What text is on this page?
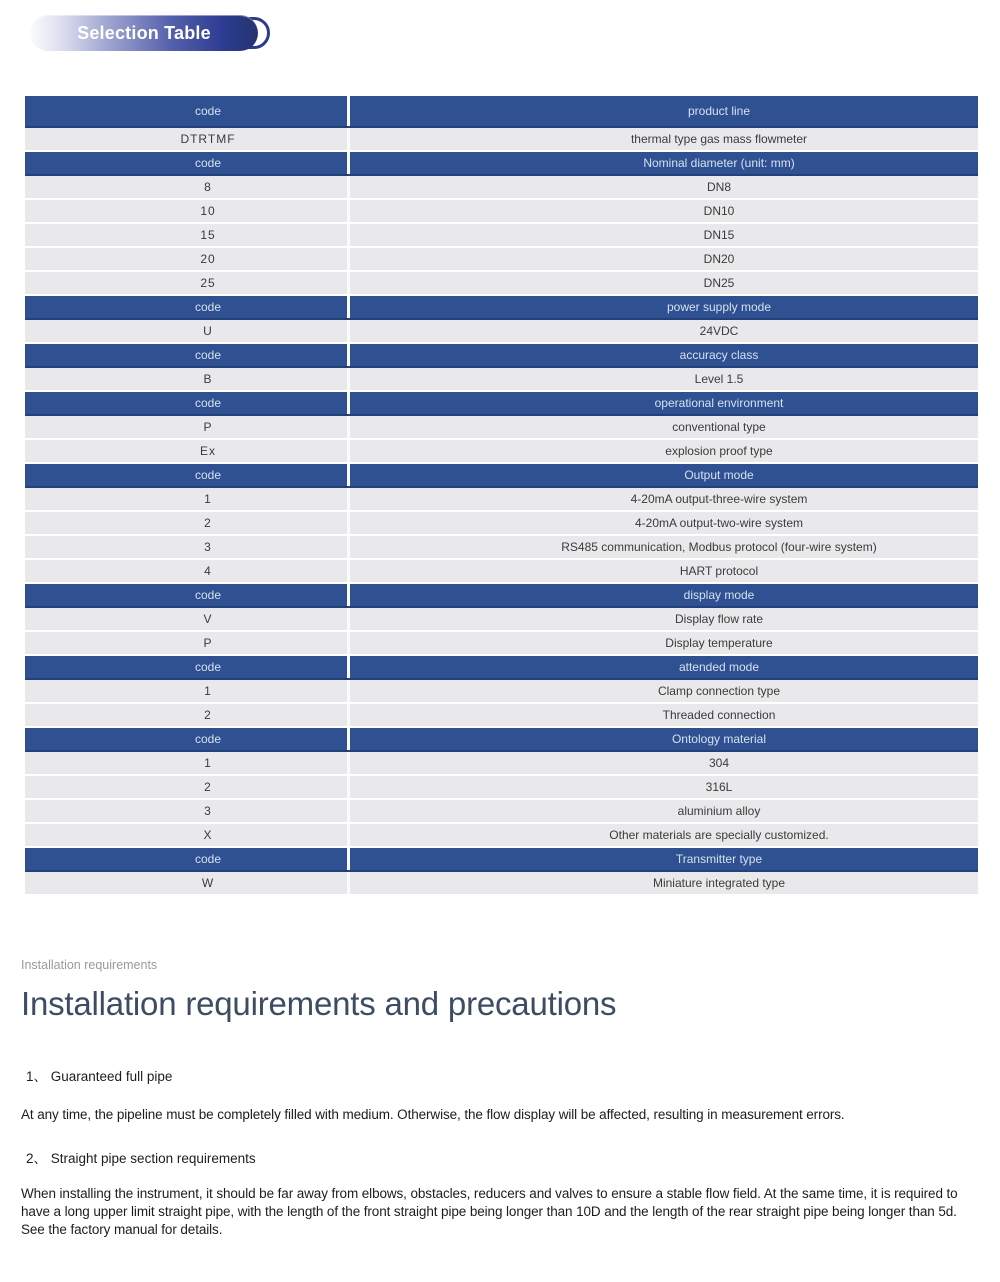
Selection Table
code	product line
DTRTMF	thermal type gas mass flowmeter
code	Nominal diameter (unit: mm)
8	DN8
10	DN10
15	DN15
20	DN20
25	DN25
code	power supply mode
U	24VDC
code	accuracy class
B	Level 1.5
code	operational environment
P	conventional type
Ex	explosion proof type
code	Output mode
1	4-20mA output-three-wire system
2	4-20mA output-two-wire system
3	RS485 communication, Modbus protocol (four-wire system)
4	HART protocol
code	display mode
V	Display flow rate
P	Display temperature
code	attended mode
1	Clamp connection type
2	Threaded connection
code	Ontology material
1	304
2	316L
3	aluminium alloy
X	Other materials are specially customized.
code	Transmitter type
W	Miniature integrated type
Installation requirements
Installation requirements and precautions
1、 Guaranteed full pipe

At any time, the pipeline must be completely filled with medium. Otherwise, the flow display will be affected, resulting in measurement errors.

2、 Straight pipe section requirements

When installing the instrument, it should be far away from elbows, obstacles, reducers and valves to ensure a stable flow field. At the same time, it is required to have a long upper limit straight pipe, with the length of the front straight pipe being longer than 10D and the length of the rear straight pipe being longer than 5d. See the factory manual for details.
